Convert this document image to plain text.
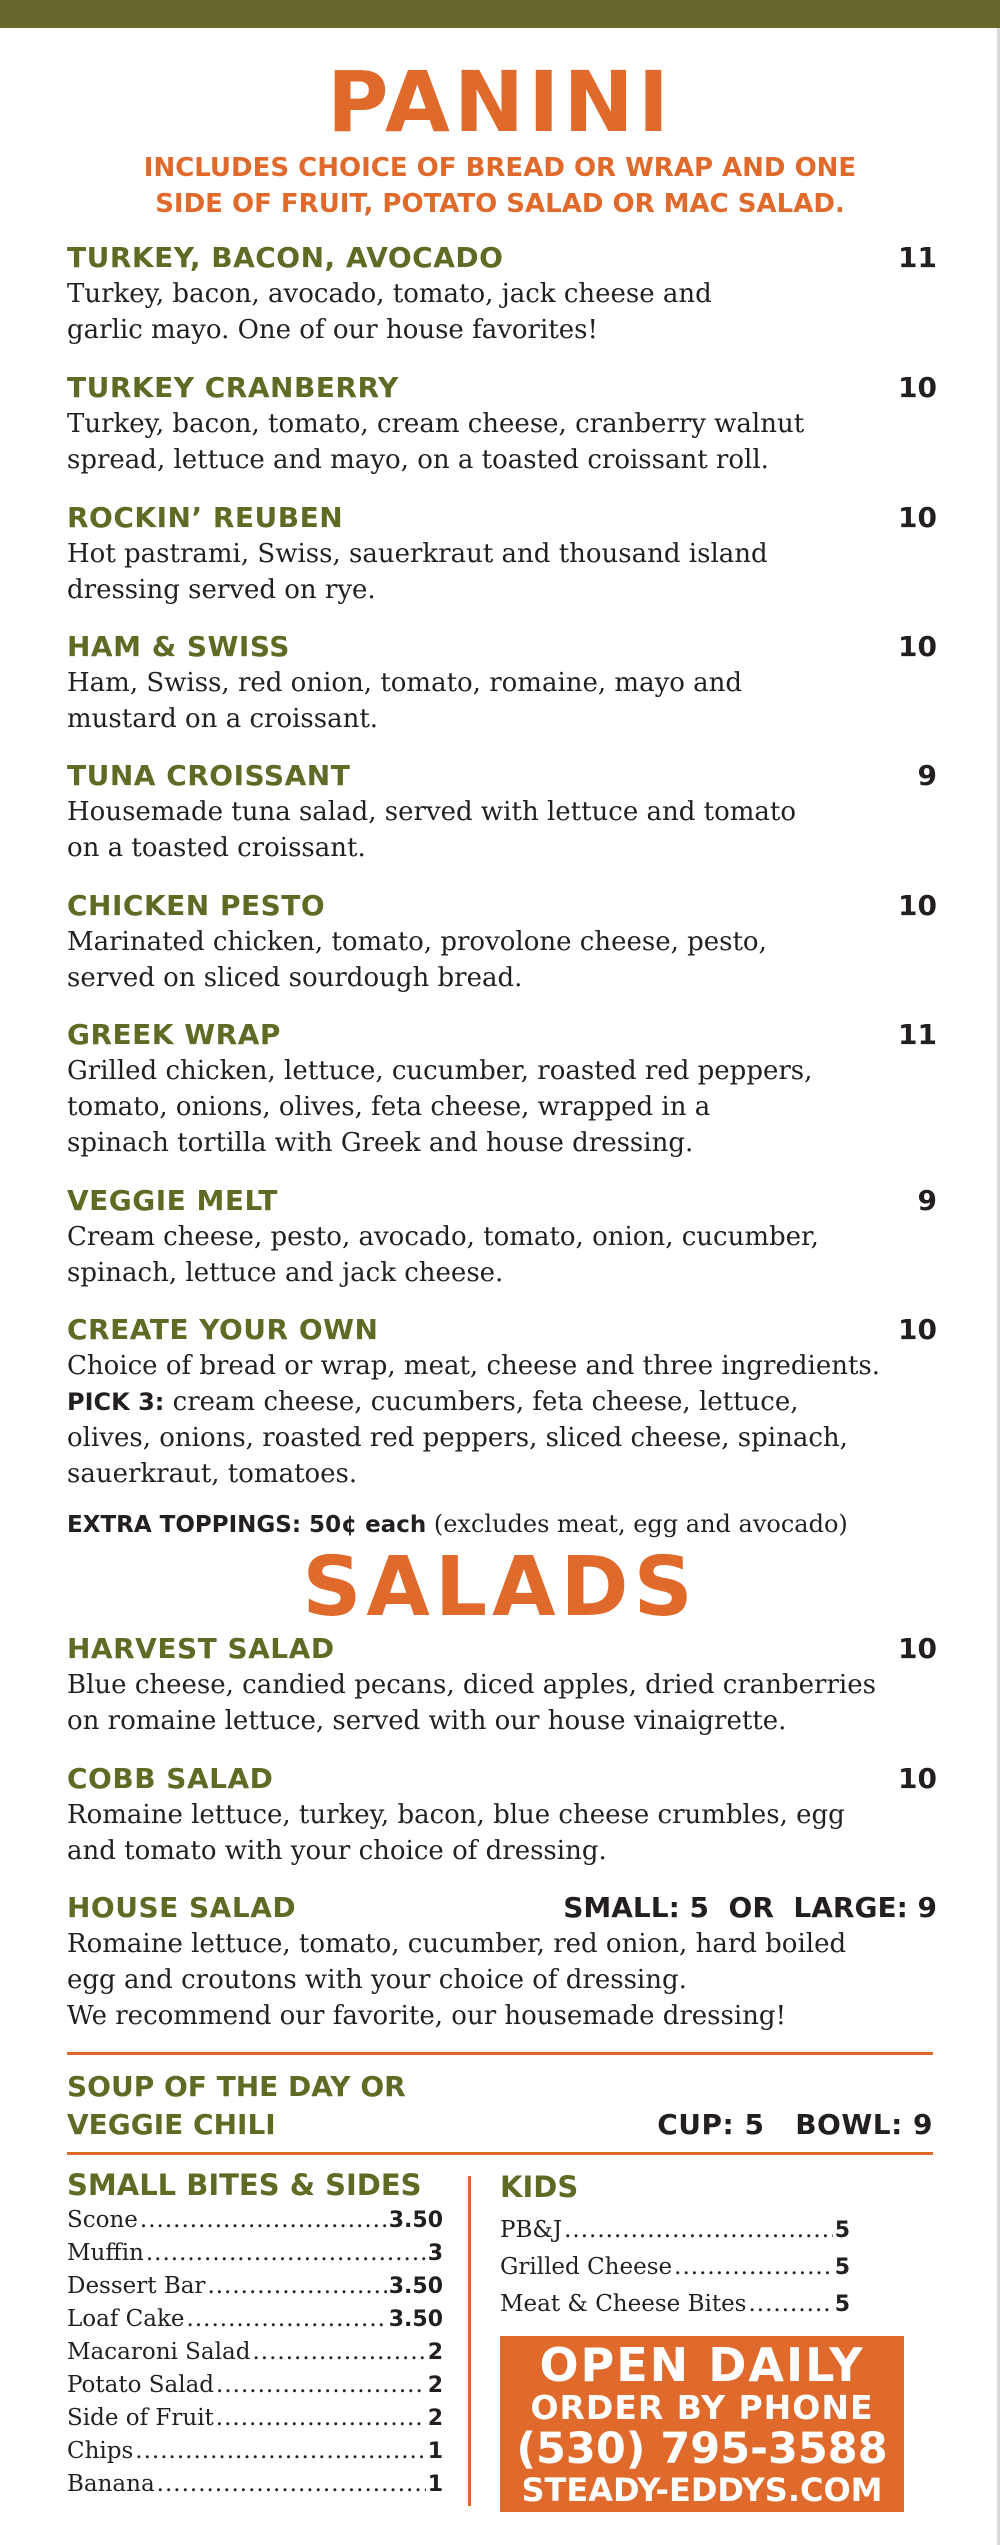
PANINI
INCLUDES CHOICE OF BREAD OR WRAP AND ONE
SIDE OF FRUIT, POTATO SALAD OR MAC SALAD.
TURKEY, BACON, AVOCADO	11
Turkey, bacon, avocado, tomato, jack cheese and
garlic mayo. One of our house favorites!
TURKEY CRANBERRY	10
Turkey, bacon, tomato, cream cheese, cranberry walnut
spread, lettuce and mayo, on a toasted croissant roll.
ROCKIN’ REUBEN	10
Hot pastrami, Swiss, sauerkraut and thousand island
dressing served on rye.
HAM & SWISS	10
Ham, Swiss, red onion, tomato, romaine, mayo and
mustard on a croissant.
TUNA CROISSANT	9
Housemade tuna salad, served with lettuce and tomato
on a toasted croissant.
CHICKEN PESTO	10
Marinated chicken, tomato, provolone cheese, pesto,
served on sliced sourdough bread.
GREEK WRAP	11
Grilled chicken, lettuce, cucumber, roasted red peppers,
tomato, onions, olives, feta cheese, wrapped in a
spinach tortilla with Greek and house dressing.
VEGGIE MELT	9
Cream cheese, pesto, avocado, tomato, onion, cucumber,
spinach, lettuce and jack cheese.
CREATE YOUR OWN	10
Choice of bread or wrap, meat, cheese and three ingredients.
PICK 3: cream cheese, cucumbers, feta cheese, lettuce,
olives, onions, roasted red peppers, sliced cheese, spinach,
sauerkraut, tomatoes.
EXTRA TOPPINGS: 50¢ each (excludes meat, egg and avocado)
SALADS
HARVEST SALAD	10
Blue cheese, candied pecans, diced apples, dried cranberries
on romaine lettuce, served with our house vinaigrette.
COBB SALAD	10
Romaine lettuce, turkey, bacon, blue cheese crumbles, egg
and tomato with your choice of dressing.
HOUSE SALAD	SMALL: 5  OR  LARGE: 9
Romaine lettuce, tomato, cucumber, red onion, hard boiled
egg and croutons with your choice of dressing.
We recommend our favorite, our housemade dressing!
SOUP OF THE DAY OR
VEGGIE CHILI	CUP: 5   BOWL: 9
SMALL BITES & SIDES
Scone .....	3.50
Muffin .....	3
Dessert Bar .....	3.50
Loaf Cake .....	3.50
Macaroni Salad .....	2
Potato Salad .....	2
Side of Fruit .....	2
Chips .....	1
Banana .....	1
KIDS
PB&J .....	5
Grilled Cheese .....	5
Meat & Cheese Bites .....	5
OPEN DAILY
ORDER BY PHONE
(530) 795-3588
STEADY-EDDYS.COM
